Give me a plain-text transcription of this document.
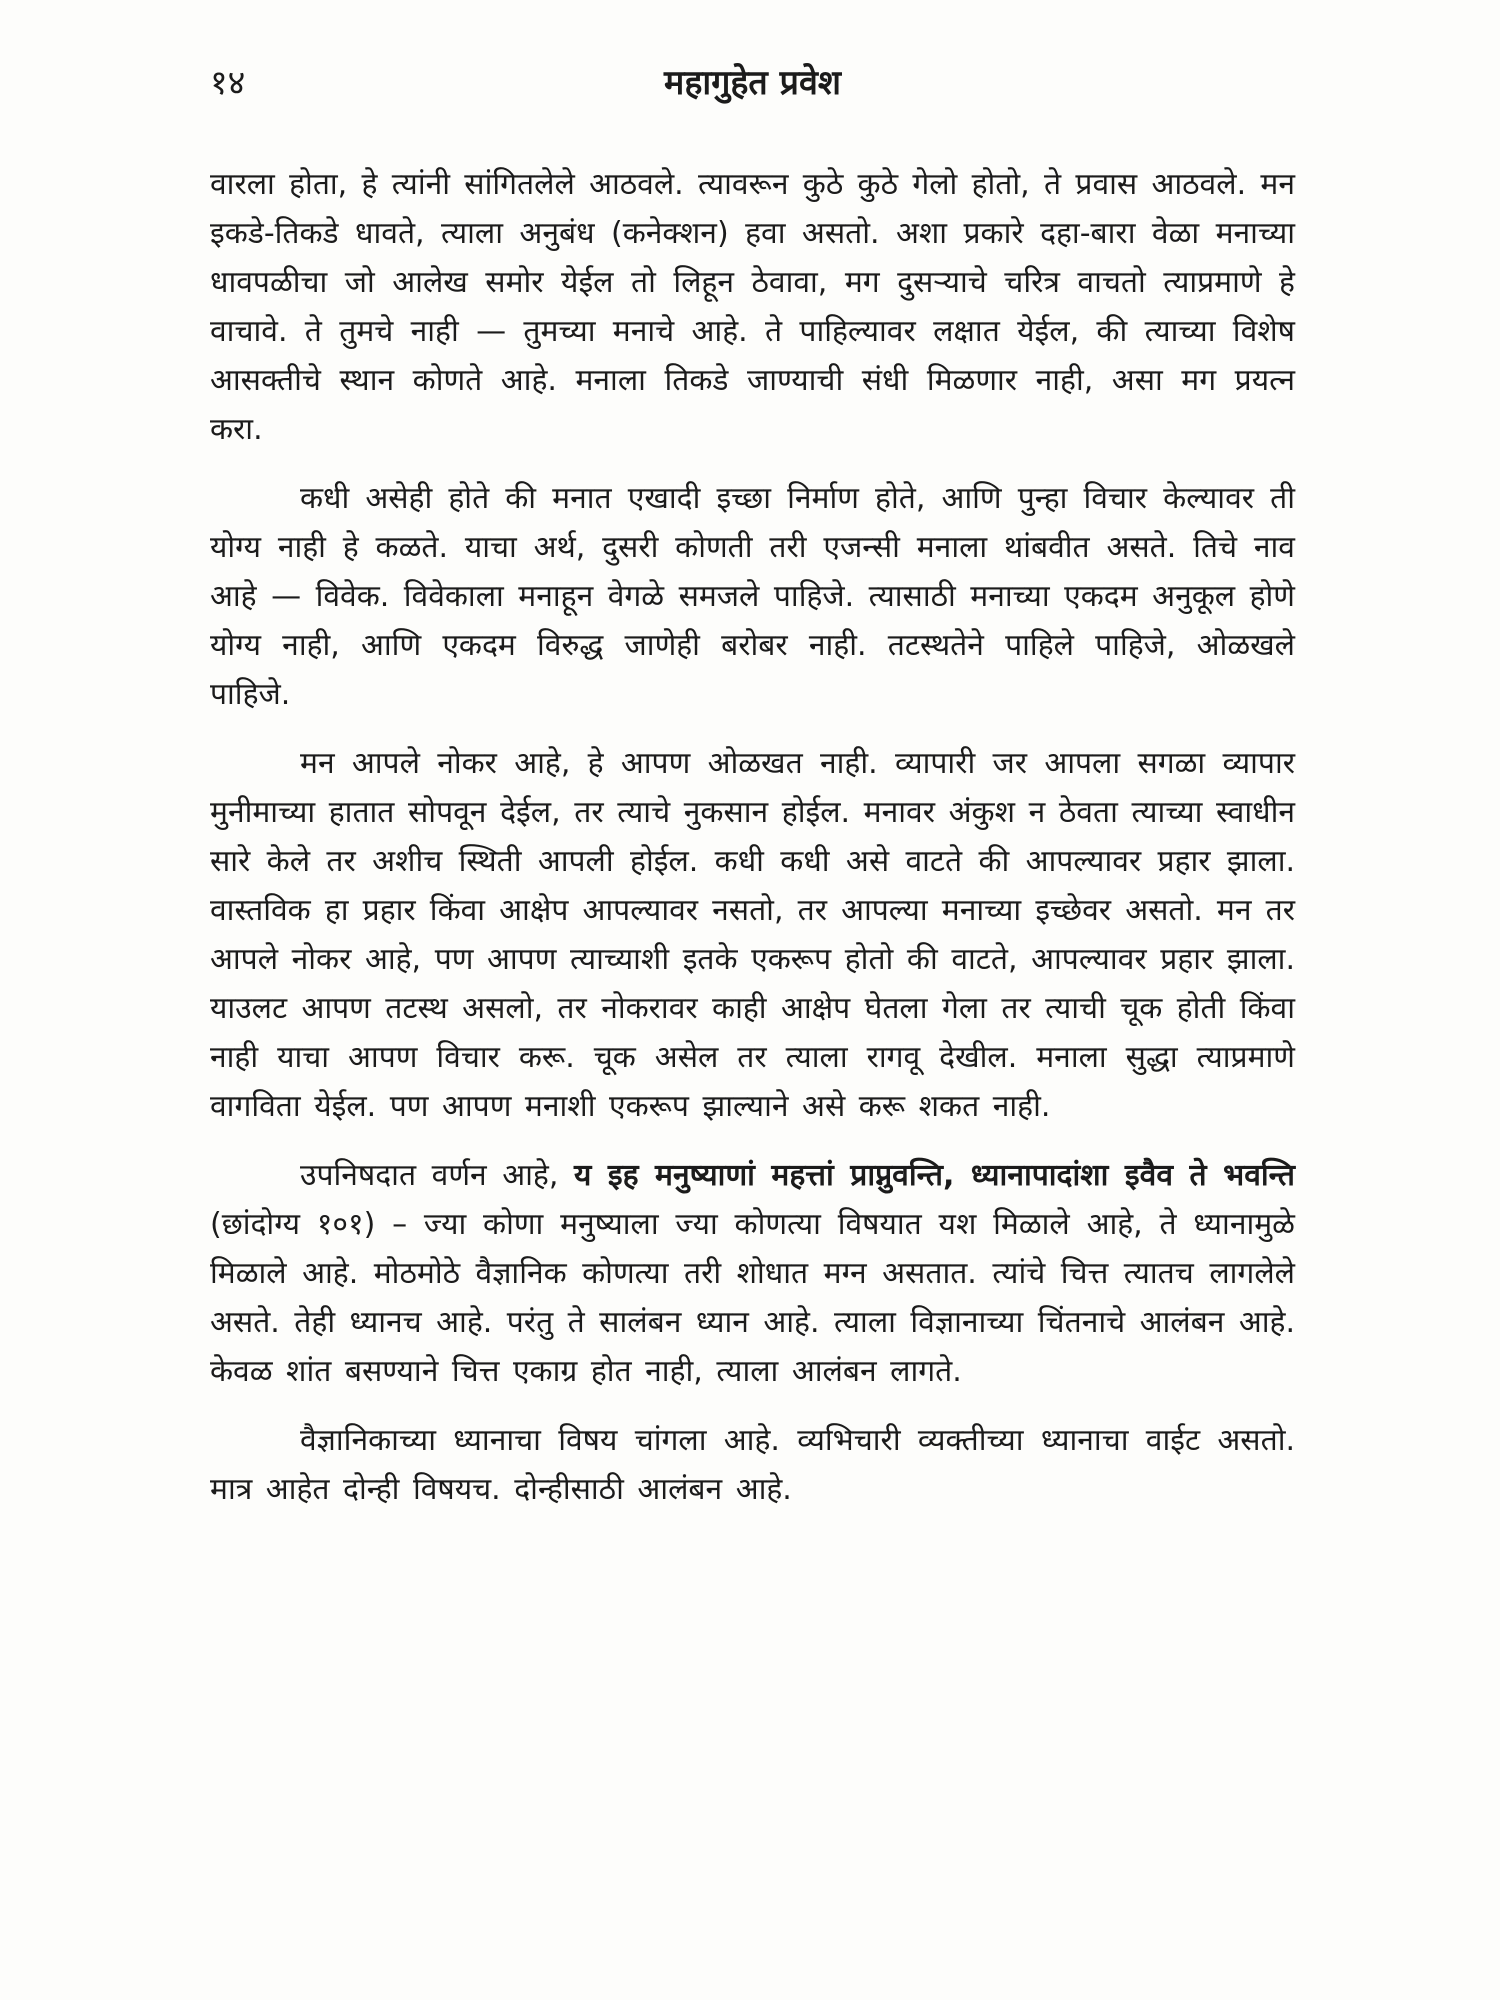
१४	महागुहेत प्रवेश

वारला होता, हे त्यांनी सांगितलेले आठवले. त्यावरून कुठे कुठे गेलो होतो, ते प्रवास आठवले. मन इकडे-तिकडे धावते, त्याला अनुबंध (कनेक्शन) हवा असतो. अशा प्रकारे दहा-बारा वेळा मनाच्या धावपळीचा जो आलेख समोर येईल तो लिहून ठेवावा, मग दुसऱ्याचे चरित्र वाचतो त्याप्रमाणे हे वाचावे. ते तुमचे नाही — तुमच्या मनाचे आहे. ते पाहिल्यावर लक्षात येईल, की त्याच्या विशेष आसक्तीचे स्थान कोणते आहे. मनाला तिकडे जाण्याची संधी मिळणार नाही, असा मग प्रयत्न करा.

कधी असेही होते की मनात एखादी इच्छा निर्माण होते, आणि पुन्हा विचार केल्यावर ती योग्य नाही हे कळते. याचा अर्थ, दुसरी कोणती तरी एजन्सी मनाला थांबवीत असते. तिचे नाव आहे — विवेक. विवेकाला मनाहून वेगळे समजले पाहिजे. त्यासाठी मनाच्या एकदम अनुकूल होणे योग्य नाही, आणि एकदम विरुद्ध जाणेही बरोबर नाही. तटस्थतेने पाहिले पाहिजे, ओळखले पाहिजे.

मन आपले नोकर आहे, हे आपण ओळखत नाही. व्यापारी जर आपला सगळा व्यापार मुनीमाच्या हातात सोपवून देईल, तर त्याचे नुकसान होईल. मनावर अंकुश न ठेवता त्याच्या स्वाधीन सारे केले तर अशीच स्थिती आपली होईल. कधी कधी असे वाटते की आपल्यावर प्रहार झाला. वास्तविक हा प्रहार किंवा आक्षेप आपल्यावर नसतो, तर आपल्या मनाच्या इच्छेवर असतो. मन तर आपले नोकर आहे, पण आपण त्याच्याशी इतके एकरूप होतो की वाटते, आपल्यावर प्रहार झाला. याउलट आपण तटस्थ असलो, तर नोकरावर काही आक्षेप घेतला गेला तर त्याची चूक होती किंवा नाही याचा आपण विचार करू. चूक असेल तर त्याला रागवू देखील. मनाला सुद्धा त्याप्रमाणे वागविता येईल. पण आपण मनाशी एकरूप झाल्याने असे करू शकत नाही.

उपनिषदात वर्णन आहे, य इह मनुष्याणां महत्तां प्राप्नुवन्ति, ध्यानापादांशा इवैव ते भवन्ति (छांदोग्य १०१) – ज्या कोणा मनुष्याला ज्या कोणत्या विषयात यश मिळाले आहे, ते ध्यानामुळे मिळाले आहे. मोठमोठे वैज्ञानिक कोणत्या तरी शोधात मग्न असतात. त्यांचे चित्त त्यातच लागलेले असते. तेही ध्यानच आहे. परंतु ते सालंबन ध्यान आहे. त्याला विज्ञानाच्या चिंतनाचे आलंबन आहे. केवळ शांत बसण्याने चित्त एकाग्र होत नाही, त्याला आलंबन लागते.

वैज्ञानिकाच्या ध्यानाचा विषय चांगला आहे. व्यभिचारी व्यक्तीच्या ध्यानाचा वाईट असतो. मात्र आहेत दोन्ही विषयच. दोन्हीसाठी आलंबन आहे.
